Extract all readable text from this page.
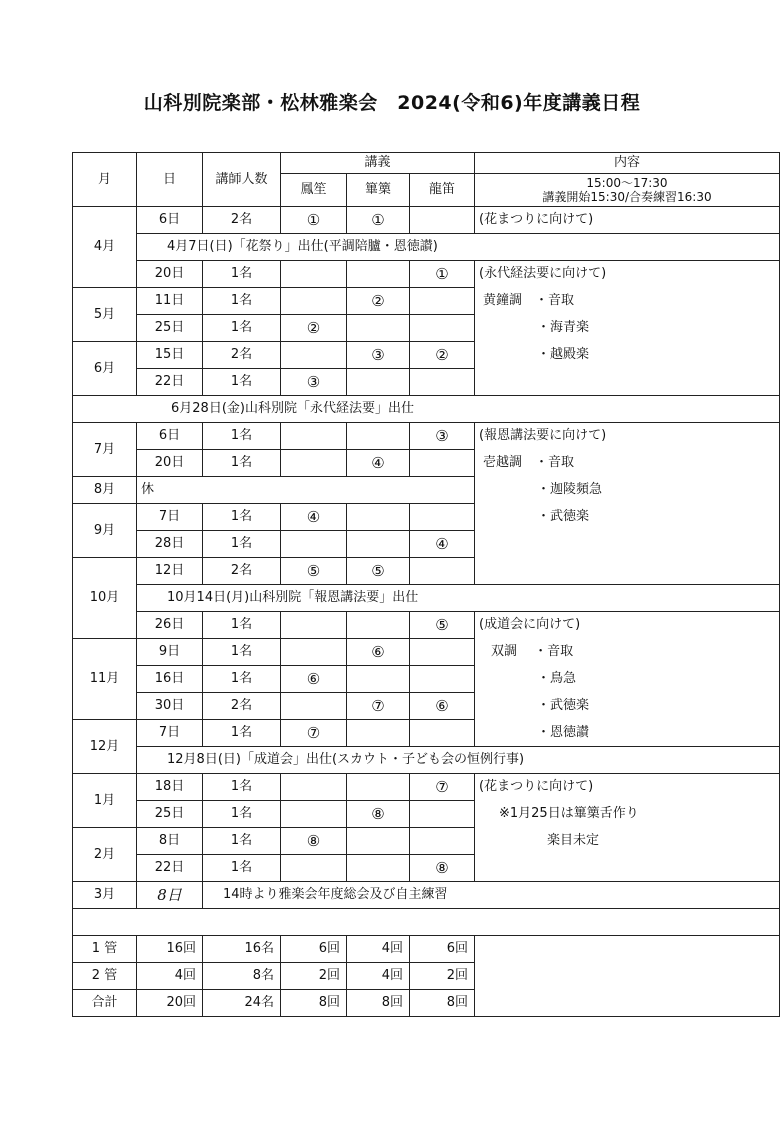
山科別院楽部・松林雅楽会　2024(令和6)年度講義日程
月	日	講師人数	講義			内容
			鳳笙	篳篥	龍笛	15:00～17:30
講義開始15:30/合奏練習16:30

4月	6日	2名	①	①		(花まつりに向けて)
	4月7日(日)「花祭り」出仕(平調陪臚・恩徳讃)					
	20日	1名			①	(永代経法要に向けて)
5月	11日	1名		②		黄鐘調　・音取
	25日	1名	②			・海青楽
6月	15日	2名		③	②	・越殿楽
	22日	1名	③			
6月28日(金)山科別院「永代経法要」出仕						
7月	6日	1名			③	(報恩講法要に向けて)
	20日	1名		④		壱越調　・音取
8月	休					・迦陵頻急
9月	7日	1名	④			・武徳楽
	28日	1名			④	
10月	12日	2名	⑤	⑤		
	10月14日(月)山科別院「報恩講法要」出仕					
	26日	1名			⑤	(成道会に向けて)
11月	9日	1名		⑥		双調　 ・音取
	16日	1名	⑥			・鳥急
	30日	2名		⑦	⑥	・武徳楽
12月	7日	1名	⑦			・恩徳讃
	12月8日(日)「成道会」出仕(スカウト・子ども会の恒例行事)					
1月	18日	1名			⑦	(花まつりに向けて)
	25日	1名		⑧		※1月25日は篳篥舌作り
2月	8日	1名	⑧			楽目未定
	22日	1名			⑧	
3月	8日	14時より雅楽会年度総会及び自主練習				

1 管	16回	16名	6回	4回	6回	
2 管	4回	8名	2回	4回	2回	
合計	20回	24名	8回	8回	8回	
